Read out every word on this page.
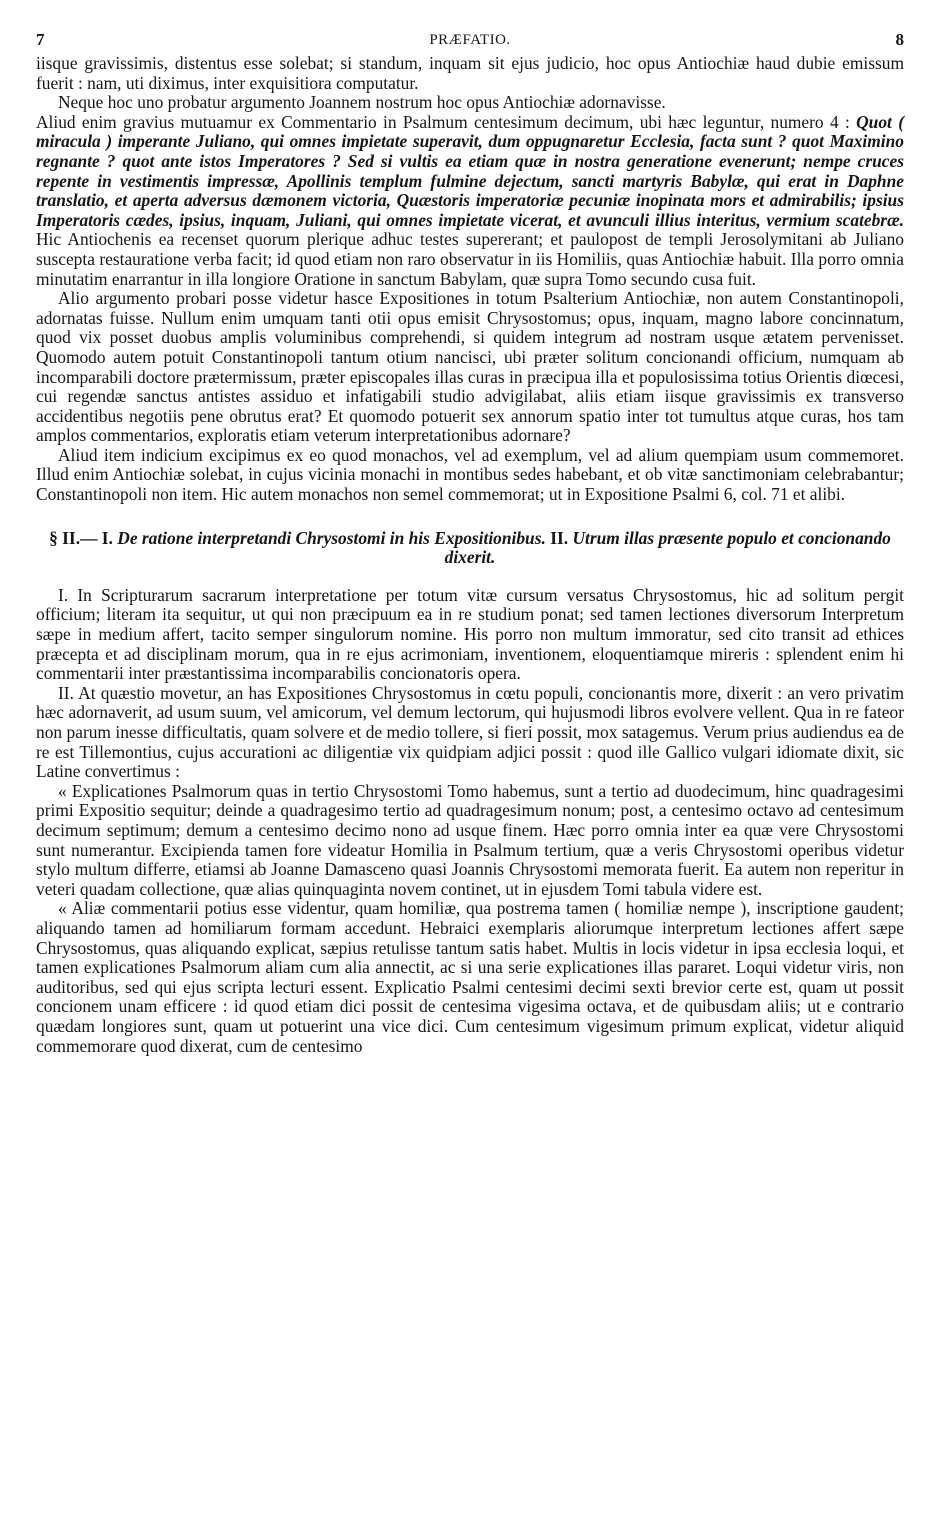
7	PRÆFATIO.	8

iisque gravissimis, distentus esse solebat; si standum, inquam sit ejus judicio, hoc opus Antiochiæ haud dubie emissum fuerit : nam, uti diximus, inter exquisitiora computatur.

Neque hoc uno probatur argumento Joannem nostrum hoc opus Antiochiæ adornavisse.

Aliud enim gravius mutuamur ex Commentario in Psalmum centesimum decimum, ubi hæc leguntur, numero 4 : Quot ( miracula ) imperante Juliano, qui omnes impietate superavit, dum oppugnaretur Ecclesia, facta sunt ? quot Maximino regnante ? quot ante istos Imperatores ? Sed si vultis ea etiam quæ in nostra generatione evenerunt; nempe cruces repente in vestimentis impressæ, Apollinis templum fulmine dejectum, sancti martyris Babylæ, qui erat in Daphne translatio, et aperta adversus dæmonem victoria, Quæstoris imperatoriæ pecuniæ inopinata mors et admirabilis; ipsius Imperatoris cædes, ipsius, inquam, Juliani, qui omnes impietate vicerat, et avunculi illius interitus, vermium scatebræ. Hic Antiochenis ea recenset quorum plerique adhuc testes supererant; et paulopost de templi Jerosolymitani ab Juliano suscepta restauratione verba facit; id quod etiam non raro observatur in iis Homiliis, quas Antiochiæ habuit. Illa porro omnia minutatim enarrantur in illa longiore Oratione in sanctum Babylam, quæ supra Tomo secundo cusa fuit.

Alio argumento probari posse videtur hasce Expositiones in totum Psalterium Antiochiæ, non autem Constantinopoli, adornatas fuisse. Nullum enim umquam tanti otii opus emisit Chrysostomus; opus, inquam, magno labore concinnatum, quod vix posset duobus amplis voluminibus comprehendi, si quidem integrum ad nostram usque ætatem pervenisset. Quomodo autem potuit Constantinopoli tantum otium nancisci, ubi præter solitum concionandi officium, numquam ab incomparabili doctore prætermissum, præter episcopales illas curas in præcipua illa et populosissima totius Orientis diœcesi, cui regendæ sanctus antistes assiduo et infatigabili studio advigilabat, aliis etiam iisque gravissimis ex transverso accidentibus negotiis pene obrutus erat? Et quomodo potuerit sex annorum spatio inter tot tumultus atque curas, hos tam amplos commentarios, exploratis etiam veterum interpretationibus adornare?

Aliud item indicium excipimus ex eo quod monachos, vel ad exemplum, vel ad alium quempiam usum commemoret. Illud enim Antiochiæ solebat, in cujus vicinia monachi in montibus sedes habebant, et ob vitæ sanctimoniam celebrabantur; Constantinopoli non item. Hic autem monachos non semel commemorat; ut in Expositione Psalmi 6, col. 71 et alibi.

§ II.— I. De ratione interpretandi Chrysostomi in his Expositionibus. II. Utrum illas præsente populo et concionando dixerit.

I. In Scripturarum sacrarum interpretatione per totum vitæ cursum versatus Chrysostomus, hic ad solitum pergit officium; literam ita sequitur, ut qui non præcipuum ea in re studium ponat; sed tamen lectiones diversorum Interpretum sæpe in medium affert, tacito semper singulorum nomine. His porro non multum immoratur, sed cito transit ad ethices præcepta et ad disciplinam morum, qua in re ejus acrimoniam, inventionem, eloquentiamque mireris : splendent enim hi commentarii inter præstantissima incomparabilis concionatoris opera.

II. At quæstio movetur, an has Expositiones Chrysostomus in cœtu populi, concionantis more, dixerit : an vero privatim hæc adornaverit, ad usum suum, vel amicorum, vel demum lectorum, qui hujusmodi libros evolvere vellent. Qua in re fateor non parum inesse difficultatis, quam solvere et de medio tollere, si fieri possit, mox satagemus. Verum prius audiendus ea de re est Tillemontius, cujus accurationi ac diligentiæ vix quidpiam adjici possit : quod ille Gallico vulgari idiomate dixit, sic Latine convertimus :

« Explicationes Psalmorum quas in tertio Chrysostomi Tomo habemus, sunt a tertio ad duodecimum, hinc quadragesimi primi Expositio sequitur; deinde a quadragesimo tertio ad quadragesimum nonum; post, a centesimo octavo ad centesimum decimum septimum; demum a centesimo decimo nono ad usque finem. Hæc porro omnia inter ea quæ vere Chrysostomi sunt numerantur. Excipienda tamen fore videatur Homilia in Psalmum tertium, quæ a veris Chrysostomi operibus videtur stylo multum differre, etiamsi ab Joanne Damasceno quasi Joannis Chrysostomi memorata fuerit. Ea autem non reperitur in veteri quadam collectione, quæ alias quinquaginta novem continet, ut in ejusdem Tomi tabula videre est.

« Aliæ commentarii potius esse videntur, quam homiliæ, qua postrema tamen ( homiliæ nempe ), inscriptione gaudent; aliquando tamen ad homiliarum formam accedunt. Hebraici exemplaris aliorumque interpretum lectiones affert sæpe Chrysostomus, quas aliquando explicat, sæpius retulisse tantum satis habet. Multis in locis videtur in ipsa ecclesia loqui, et tamen explicationes Psalmorum aliam cum alia annectit, ac si una serie explicationes illas pararet. Loqui videtur viris, non auditoribus, sed qui ejus scripta lecturi essent. Explicatio Psalmi centesimi decimi sexti brevior certe est, quam ut possit concionem unam efficere : id quod etiam dici possit de centesima vigesima octava, et de quibusdam aliis; ut e contrario quædam longiores sunt, quam ut potuerint una vice dici. Cum centesimum vigesimum primum explicat, videtur aliquid commemorare quod dixerat, cum de centesimo
